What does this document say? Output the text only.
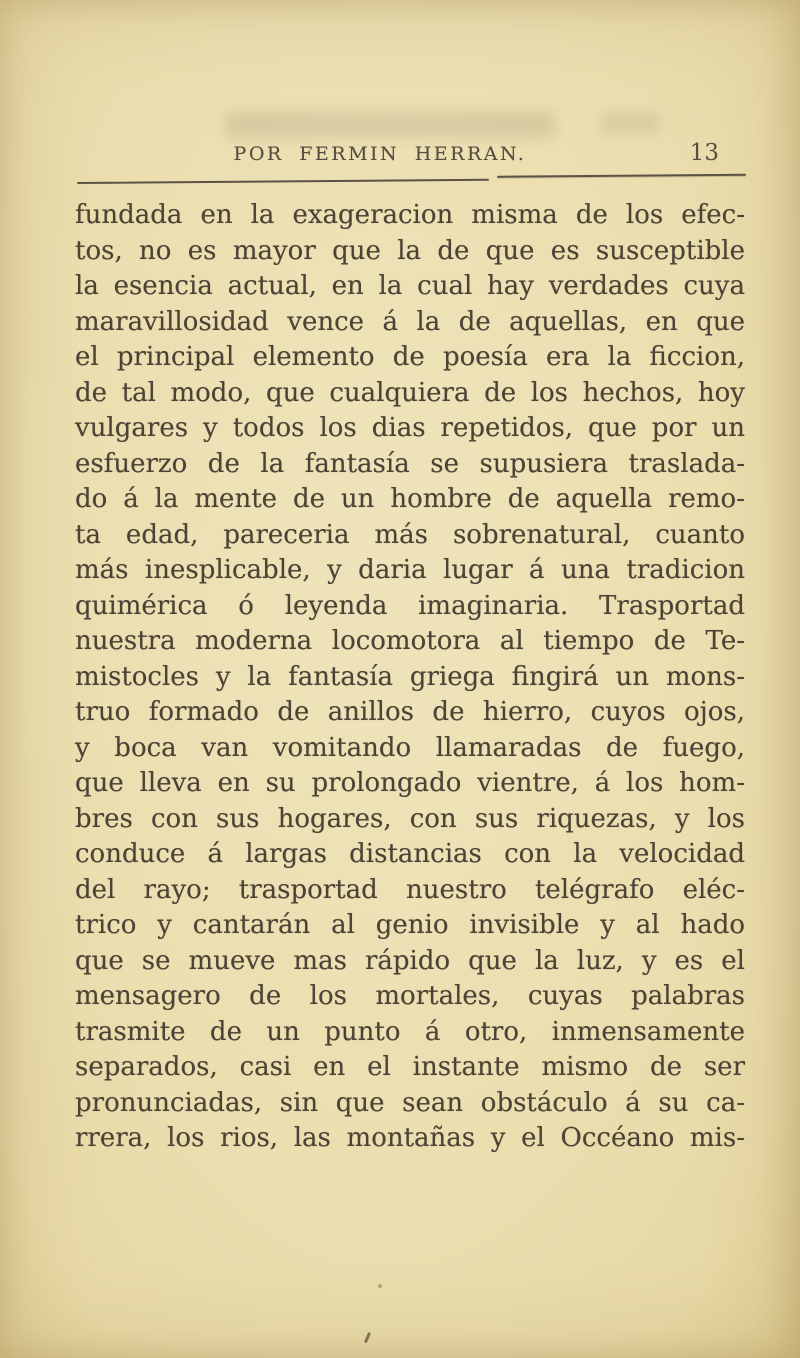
POR FERMIN HERRAN.	13
fundada en la exageracion misma de los efec-
tos, no es mayor que la de que es susceptible
la esencia actual, en la cual hay verdades cuya
maravillosidad vence á la de aquellas, en que
el principal elemento de poesía era la ficcion,
de tal modo, que cualquiera de los hechos, hoy
vulgares y todos los dias repetidos, que por un
esfuerzo de la fantasía se supusiera traslada-
do á la mente de un hombre de aquella remo-
ta edad, pareceria más sobrenatural, cuanto
más inesplicable, y daria lugar á una tradicion
quimérica ó leyenda imaginaria. Trasportad
nuestra moderna locomotora al tiempo de Te-
mistocles y la fantasía griega fingirá un mons-
truo formado de anillos de hierro, cuyos ojos,
y boca van vomitando llamaradas de fuego,
que lleva en su prolongado vientre, á los hom-
bres con sus hogares, con sus riquezas, y los
conduce á largas distancias con la velocidad
del rayo; trasportad nuestro telégrafo eléc-
trico y cantarán al genio invisible y al hado
que se mueve mas rápido que la luz, y es el
mensagero de los mortales, cuyas palabras
trasmite de un punto á otro, inmensamente
separados, casi en el instante mismo de ser
pronunciadas, sin que sean obstáculo á su ca-
rrera, los rios, las montañas y el Occéano mis-
